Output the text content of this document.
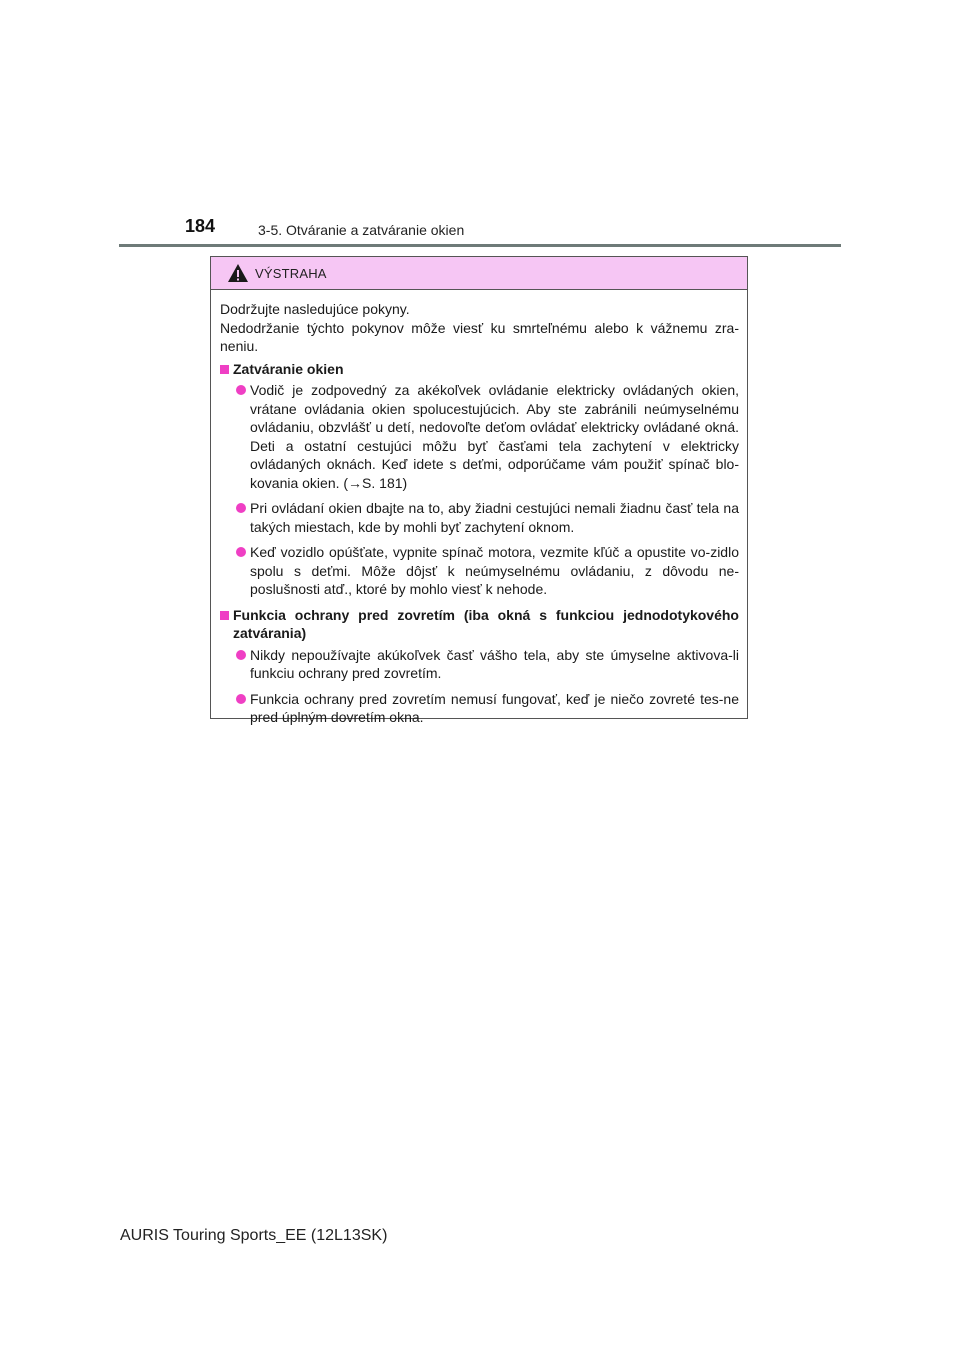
184	3-5. Otváranie a zatváranie okien
VÝSTRAHA

Dodržujte nasledujúce pokyny.

Nedodržanie týchto pokynov môže viesť ku smrteľnému alebo k vážnemu zra-neniu.

Zatváranie okien
Vodič je zodpovedný za akékoľvek ovládanie elektricky ovládaných okien, vrátane ovládania okien spolucestujúcich. Aby ste zabránili neúmyselnému ovládaniu, obzvlášť u detí, nedovoľte deťom ovládať elektricky ovládané okná. Deti a ostatní cestujúci môžu byť časťami tela zachytení v elektricky ovládaných oknách. Keď idete s deťmi, odporúčame vám použiť spínač blo-kovania okien. (→S. 181)
Pri ovládaní okien dbajte na to, aby žiadni cestujúci nemali žiadnu časť tela na takých miestach, kde by mohli byť zachytení oknom.
Keď vozidlo opúšťate, vypnite spínač motora, vezmite kľúč a opustite vo-zidlo spolu s deťmi. Môže dôjsť k neúmyselnému ovládaniu, z dôvodu ne-poslušnosti atď., ktoré by mohlo viesť k nehode.
Funkcia ochrany pred zovretím (iba okná s funkciou jednodotykového zatvárania)
Nikdy nepoužívajte akúkoľvek časť vášho tela, aby ste úmyselne aktivova-li funkciu ochrany pred zovretím.
Funkcia ochrany pred zovretím nemusí fungovať, keď je niečo zovreté tes-ne pred úplným dovretím okna.
AURIS Touring Sports_EE (12L13SK)
